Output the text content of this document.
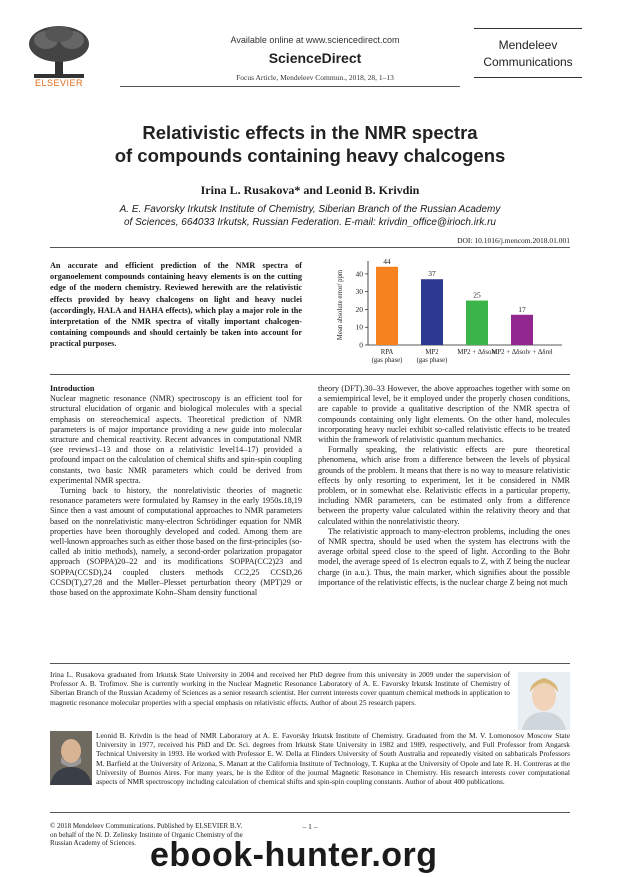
ELSEVIER
Available online at www.sciencedirect.com
ScienceDirect
Focus Article, Mendeleev Commun., 2018, 28, 1–13
Mendeleev Communications
Relativistic effects in the NMR spectra
of compounds containing heavy chalcogens
Irina L. Rusakova* and Leonid B. Krivdin
A. E. Favorsky Irkutsk Institute of Chemistry, Siberian Branch of the Russian Academy
of Sciences, 664033 Irkutsk, Russian Federation. E-mail: krivdin_office@irioch.irk.ru
DOI: 10.1016/j.mencom.2018.01.001
An accurate and efficient prediction of the NMR spectra of organoelement compounds containing heavy elements is on the cutting edge of the modern chemistry. Reviewed herewith are the relativistic effects provided by heavy chalcogens on light and heavy nuclei (accordingly, HALA and HAHA effects), which play a major role in the interpretation of the NMR spectra of vitally important chalcogen-containing compounds and should certainly be taken into account for practical purposes.	0
10
20
30
40
Mean absolute error/ ppm
44
RPA
(gas phase)
37
MP2
(gas phase)
25
MP2 + Δδsolv
17
MP2 + Δδsolv + Δδrel
Introduction

Nuclear magnetic resonance (NMR) spectroscopy is an efficient tool for structural elucidation of organic and biological molecules with a special emphasis on stereochemical aspects. Theoretical prediction of NMR parameters is of major importance providing a new guide into molecular structure and chemical reactivity. Recent advances in computational NMR (see reviews1–13 and those on a relativistic level14–17) provided a profound impact on the calculation of chemical shifts and spin-spin coupling constants, two basic NMR parameters which could be derived from experimental NMR spectra.

Turning back to history, the nonrelativistic theories of magnetic resonance parameters were formulated by Ramsey in the early 1950s.18,19 Since then a vast amount of computational approaches to NMR parameters based on the nonrelativistic many-electron Schrödinger equation for NMR properties have been thoroughly developed and coded. Among them are well-known approaches such as either those based on the first-principles (so-called ab initio methods), namely, a second-order polarization propagator approach (SOPPA)20–22 and its modifications SOPPA(CC2)23 and SOPPA(CCSD),24 coupled clusters methods CC2,25 CCSD,26 CCSD(T),27,28 and the Møller–Plesset perturbation theory (MPT)29 or those based on the approximate Kohn–Sham density functional

theory (DFT).30–33 However, the above approaches together with some on a semiempirical level, be it employed under the properly chosen conditions, are capable to provide a qualitative description of the NMR spectra of compounds containing only light elements. On the other hand, molecules incorporating heavy nuclei exhibit so-called relativistic effects to be treated within the framework of relativistic quantum mechanics.

Formally speaking, the relativistic effects are pure theoretical phenomena, which arise from a difference between the levels of physical grounds of the problem. It means that there is no way to measure relativistic effects by only resorting to experiment, let it be considered in NMR problem, or in somewhat else. Relativistic effects in a particular property, including NMR parameters, can be estimated only from a difference between the property value calculated within the relativity theory and that calculated within the nonrelativistic theory.

The relativistic approach to many-electron problems, including the ones of NMR spectra, should be used when the system has electrons with the average orbital speed close to the speed of light. According to the Bohr model, the average speed of 1s electron equals to Z, with Z being the nuclear charge (in a.u.). Thus, the main marker, which signifies about the possible importance of the relativistic effects, is the nuclear charge Z being not much

Irina L. Rusakova graduated from Irkutsk State University in 2004 and received her PhD degree from this university in 2009 under the supervision of Professor A. B. Trofimov. She is currently working in the Nuclear Magnetic Resonance Laboratory of A. E. Favorsky Irkutsk Institute of Chemistry of Siberian Branch of the Russian Academy of Sciences as a senior research scientist. Her current interests cover quantum chemical methods in application to magnetic resonance molecular properties with a special emphasis on relativistic effects. Author of about 25 research papers.
Leonid B. Krivdin is the head of NMR Laboratory at A. E. Favorsky Irkutsk Institute of Chemistry. Graduated from the M. V. Lomonosov Moscow State University in 1977, received his PhD and Dr. Sci. degrees from Irkutsk State University in 1982 and 1989, respectively, and Full Professor from Angarsk Technical University in 1993. He worked with Professor E. W. Della at Flinders University of South Australia and repeatedly visited on sabbaticals Professors M. Barfield at the University of Arizona, S. Manatt at the California Institute of Technology, T. Kupka at the University of Opole and late R. H. Contreras at the University of Buenos Aires. For many years, he is the Editor of the journal Magnetic Resonance in Chemistry. His research interests cover computational aspects of NMR spectroscopy including calculation of chemical shifts and spin-spin coupling constants. Author of about 400 publications.
© 2018 Mendeleev Communications. Published by ELSEVIER B.V.
on behalf of the N. D. Zelinsky Institute of Organic Chemistry of the
Russian Academy of Sciences.
– 1 –
ebook-hunter.org
